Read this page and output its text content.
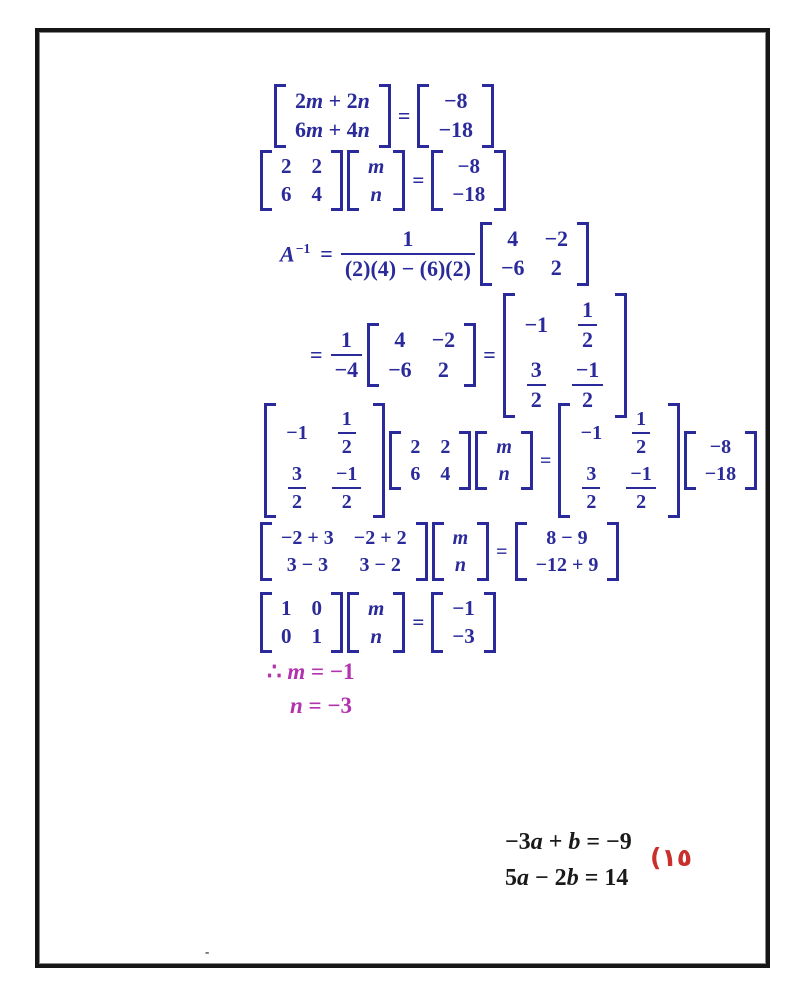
2m + 2n
6m + 4n
=
−8
−18
2 2
6 4
m
n
=
−8
−18
$A^{-1} = \frac{1}{(2)(4) - (6)(2)} 4 -2$
−6 2
= $\frac{1}{-4} 4 -2$
−6 2
=
$-1 \frac{1}{2}$
$\frac{3}{2} \frac{-1}{2}$
$-1 \frac{1}{2}$
$\frac{3}{2} \frac{-1}{2}$
2 2
6 4
m
n
=
$-1 \frac{1}{2}$
$\frac{3}{2} \frac{-1}{2}$
−8
−18
−2 + 3 −2 + 2
3 − 3 3 − 2
m
n
=
8 − 9
−12 + 9
1 0
0 1
m
n
=
−1
−3
∴ m = −1
n = −3
−3a + b = −9
5a − 2b = 14
(١٥
-
